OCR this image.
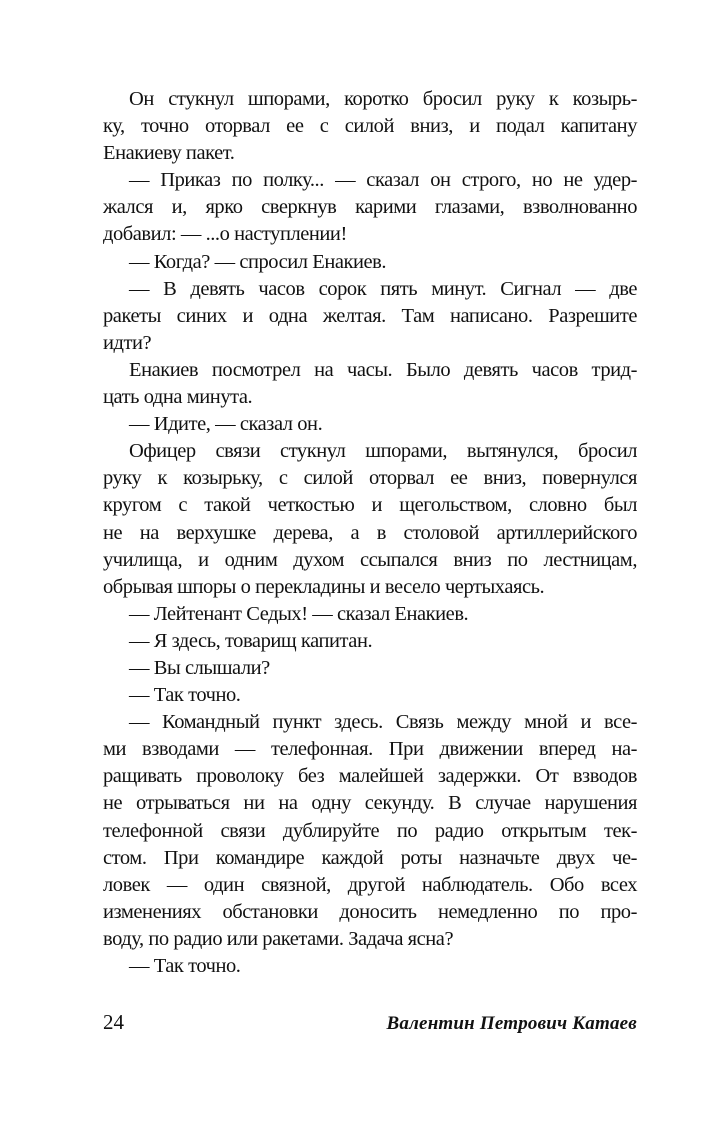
Он стукнул шпорами, коротко бросил руку к козырь-
ку, точно оторвал ее с силой вниз, и подал капитану
Енакиеву пакет.
— Приказ по полку... — сказал он строго, но не удер-
жался и, ярко сверкнув карими глазами, взволнованно
добавил: — ...о наступлении!
— Когда? — спросил Енакиев.
— В девять часов сорок пять минут. Сигнал — две
ракеты синих и одна желтая. Там написано. Разрешите
идти?
Енакиев посмотрел на часы. Было девять часов трид-
цать одна минута.
— Идите, — сказал он.
Офицер связи стукнул шпорами, вытянулся, бросил
руку к козырьку, с силой оторвал ее вниз, повернулся
кругом с такой четкостью и щегольством, словно был
не на верхушке дерева, а в столовой артиллерийского
училища, и одним духом ссыпался вниз по лестницам,
обрывая шпоры о перекладины и весело чертыхаясь.
— Лейтенант Седых! — сказал Енакиев.
— Я здесь, товарищ капитан.
— Вы слышали?
— Так точно.
— Командный пункт здесь. Связь между мной и все-
ми взводами — телефонная. При движении вперед на-
ращивать проволоку без малейшей задержки. От взводов
не отрываться ни на одну секунду. В случае нарушения
телефонной связи дублируйте по радио открытым тек-
стом. При командире каждой роты назначьте двух че-
ловек — один связной, другой наблюдатель. Обо всех
изменениях обстановки доносить немедленно по про-
воду, по радио или ракетами. Задача ясна?
— Так точно.
24	Валентин Петрович Катаев
